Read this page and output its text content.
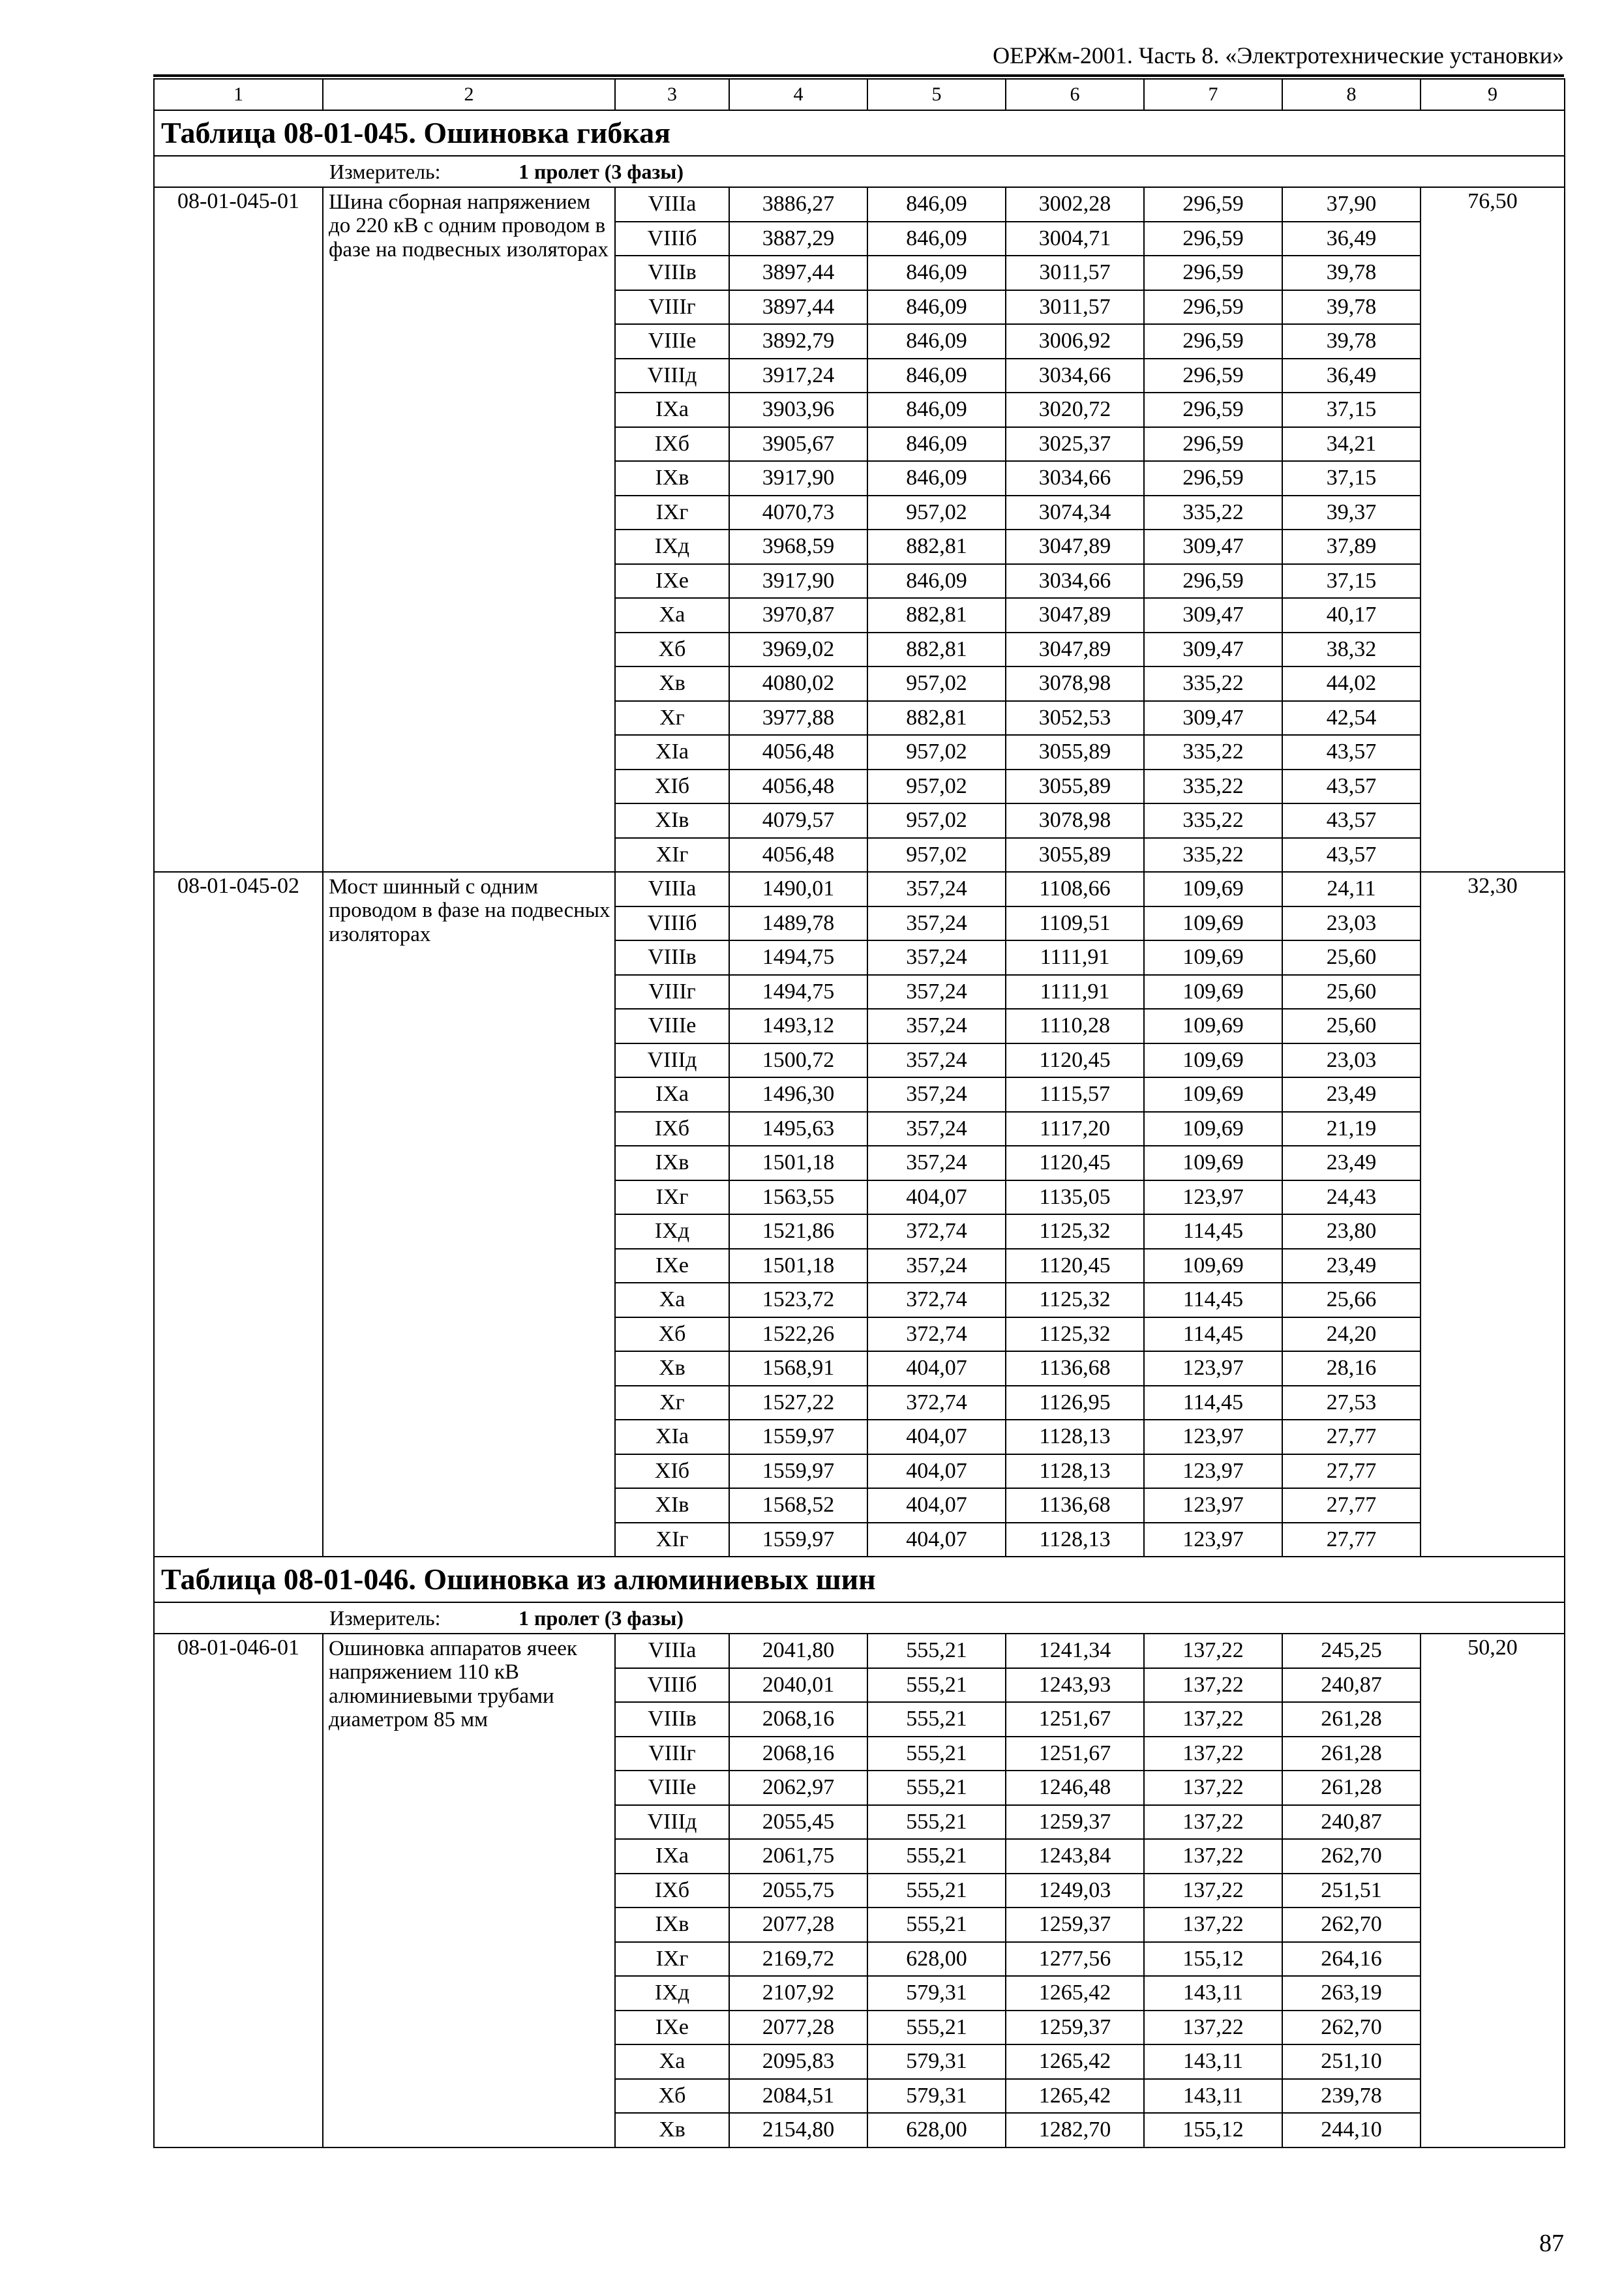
ОЕРЖм-2001. Часть 8. «Электротехнические установки»
1	2	3	4	5	6	7	8	9
Таблица 08-01-045. Ошиновка гибкая								
Измеритель: 1 пролет (3 фазы)								
08-01-045-01	Шина сборная напряжением до 220 кВ с одним проводом в фазе на подвесных изоляторах	VIIIа	3886,27	846,09	3002,28	296,59	37,90	76,50
		VIIIб	3887,29	846,09	3004,71	296,59	36,49	
		VIIIв	3897,44	846,09	3011,57	296,59	39,78	
		VIIIг	3897,44	846,09	3011,57	296,59	39,78	
		VIIIе	3892,79	846,09	3006,92	296,59	39,78	
		VIIIд	3917,24	846,09	3034,66	296,59	36,49	
		IXа	3903,96	846,09	3020,72	296,59	37,15	
		IXб	3905,67	846,09	3025,37	296,59	34,21	
		IXв	3917,90	846,09	3034,66	296,59	37,15	
		IXг	4070,73	957,02	3074,34	335,22	39,37	
		IXд	3968,59	882,81	3047,89	309,47	37,89	
		IXе	3917,90	846,09	3034,66	296,59	37,15	
		Xа	3970,87	882,81	3047,89	309,47	40,17	
		Xб	3969,02	882,81	3047,89	309,47	38,32	
		Xв	4080,02	957,02	3078,98	335,22	44,02	
		Xг	3977,88	882,81	3052,53	309,47	42,54	
		XIа	4056,48	957,02	3055,89	335,22	43,57	
		XIб	4056,48	957,02	3055,89	335,22	43,57	
		XIв	4079,57	957,02	3078,98	335,22	43,57	
		XIг	4056,48	957,02	3055,89	335,22	43,57	
08-01-045-02	Мост шинный с одним проводом в фазе на подвесных изоляторах	VIIIа	1490,01	357,24	1108,66	109,69	24,11	32,30
		VIIIб	1489,78	357,24	1109,51	109,69	23,03	
		VIIIв	1494,75	357,24	1111,91	109,69	25,60	
		VIIIг	1494,75	357,24	1111,91	109,69	25,60	
		VIIIе	1493,12	357,24	1110,28	109,69	25,60	
		VIIIд	1500,72	357,24	1120,45	109,69	23,03	
		IXа	1496,30	357,24	1115,57	109,69	23,49	
		IXб	1495,63	357,24	1117,20	109,69	21,19	
		IXв	1501,18	357,24	1120,45	109,69	23,49	
		IXг	1563,55	404,07	1135,05	123,97	24,43	
		IXд	1521,86	372,74	1125,32	114,45	23,80	
		IXе	1501,18	357,24	1120,45	109,69	23,49	
		Xа	1523,72	372,74	1125,32	114,45	25,66	
		Xб	1522,26	372,74	1125,32	114,45	24,20	
		Xв	1568,91	404,07	1136,68	123,97	28,16	
		Xг	1527,22	372,74	1126,95	114,45	27,53	
		XIа	1559,97	404,07	1128,13	123,97	27,77	
		XIб	1559,97	404,07	1128,13	123,97	27,77	
		XIв	1568,52	404,07	1136,68	123,97	27,77	
		XIг	1559,97	404,07	1128,13	123,97	27,77	
Таблица 08-01-046. Ошиновка из алюминиевых шин								
Измеритель: 1 пролет (3 фазы)								
08-01-046-01	Ошиновка аппаратов ячеек напряжением 110 кВ алюминиевыми трубами диаметром 85 мм	VIIIа	2041,80	555,21	1241,34	137,22	245,25	50,20
		VIIIб	2040,01	555,21	1243,93	137,22	240,87	
		VIIIв	2068,16	555,21	1251,67	137,22	261,28	
		VIIIг	2068,16	555,21	1251,67	137,22	261,28	
		VIIIе	2062,97	555,21	1246,48	137,22	261,28	
		VIIIд	2055,45	555,21	1259,37	137,22	240,87	
		IXа	2061,75	555,21	1243,84	137,22	262,70	
		IXб	2055,75	555,21	1249,03	137,22	251,51	
		IXв	2077,28	555,21	1259,37	137,22	262,70	
		IXг	2169,72	628,00	1277,56	155,12	264,16	
		IXд	2107,92	579,31	1265,42	143,11	263,19	
		IXе	2077,28	555,21	1259,37	137,22	262,70	
		Xа	2095,83	579,31	1265,42	143,11	251,10	
		Xб	2084,51	579,31	1265,42	143,11	239,78	
		Xв	2154,80	628,00	1282,70	155,12	244,10	
87
